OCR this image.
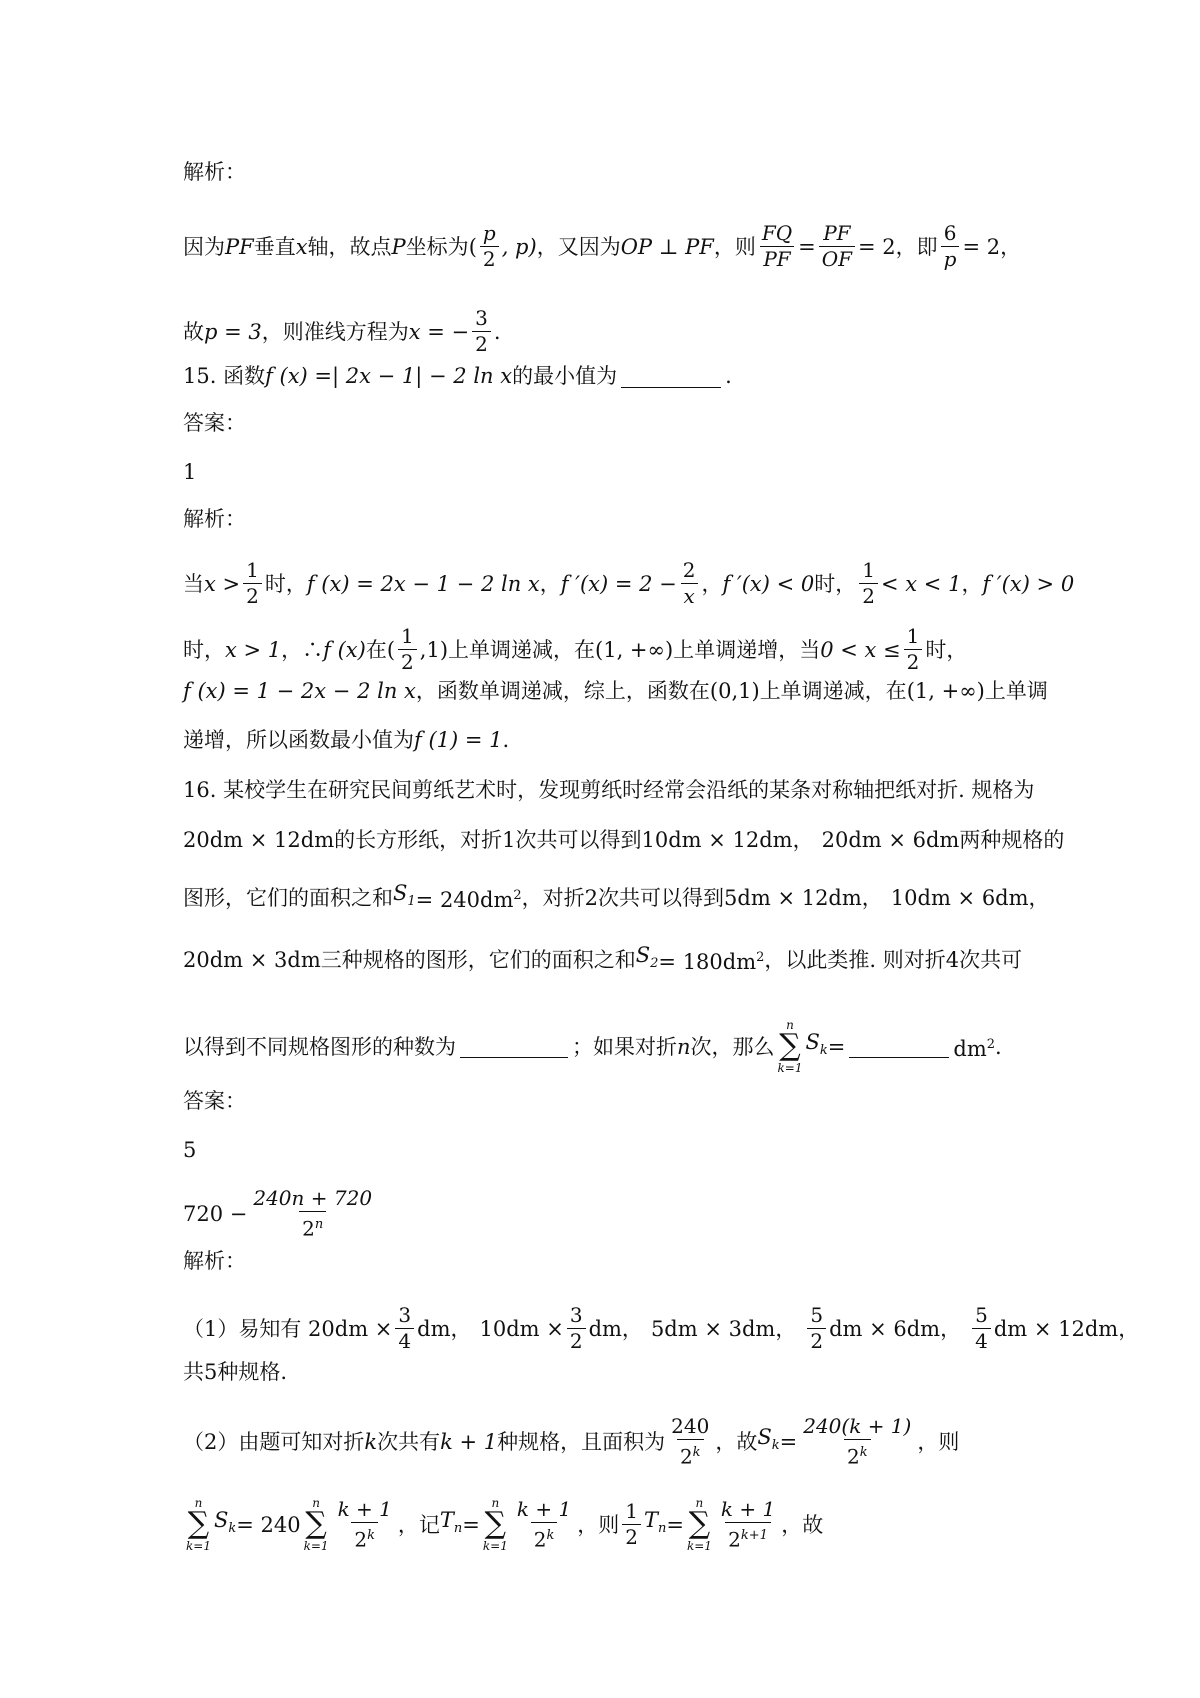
解析：
因为 PF 垂直 x 轴，故点 P 坐标为 ( $\frac{p}{2}$ , p) ，又因为 OP ⊥ PF ，则 $\frac{FQ}{PF} = \frac{PF}{OF} = 2$ ，即 $\frac{6}{p} = 2$ ，
故 p = 3 ，则准线方程为 x = − $\frac{3}{2}$ .
15. 函数 f (x) =| 2x − 1| − 2 ln x 的最小值为	.
答案：
1
解析：
当 $x > \frac{1}{2}$ 时， f (x) = 2x − 1 − 2 ln x ， f $'(x) = 2 - \frac{2}{x}$ ， f ′(x) < 0 时， $\frac{1}{2} < x < 1$ ， f ′(x) > 0
时， x > 1 ，∴ f (x) 在 ( $\frac{1}{2} ,1$) 上单调递减，在 (1, +∞) 上单调递增，当 $0 < x \le \frac{1}{2}$ 时，
f (x) = 1 − 2x − 2 ln x ，函数单调递减，综上，函数在 (0,1) 上单调递减，在 (1, +∞) 上单调
递增，所以函数最小值为 f (1) = 1 .
16. 某校学生在研究民间剪纸艺术时，发现剪纸时经常会沿纸的某条对称轴把纸对折. 规格为
20dm × 12dm 的长方形纸，对折 1 次共可以得到 10dm × 12dm ， 20dm × 6dm 两种规格的
图形，它们的面积之和 $S_1 = 240dm^2$ ，对折 2 次共可以得到 5dm × 12dm ， 10dm × 6dm ，
20dm × 3dm 三种规格的图形，它们的面积之和 $S_2 = 180dm^2$ ，以此类推. 则对折 4 次共可
以得到不同规格图形的种数为	；如果对折 n 次，那么
n
∑
k=1
$S_k$ =	$dm^2$ .
答案：
5
$720 - \frac{240n + 720}{2^n}$
解析：
（1）易知有 $20dm \times \frac{3}{4}$ dm， $10dm \times \frac{3}{2}$ dm， 5dm × 3dm， $\frac{5}{2}$ dm × 6dm， $\frac{5}{4}$ dm × 12dm，
共 5 种规格.
（2）由题可知对折 k 次共有 k + 1 种规格，且面积为 $\frac{240}{2^k}$ ，故 $S_k = \frac{240(k + 1)}{2^k}$ ，则
n
∑
k=1
$S_k = 240$
n
∑
$k=1 \frac{k + 1}{2^k}$ ，记 $T_n$ =
n
∑
$k=1 \frac{k + 1}{2^k}$ ，则 $\frac{1}{2} T_n$ =
n
∑
$k=1 \frac{k + 1}{2^{k+1}}$ ，故
